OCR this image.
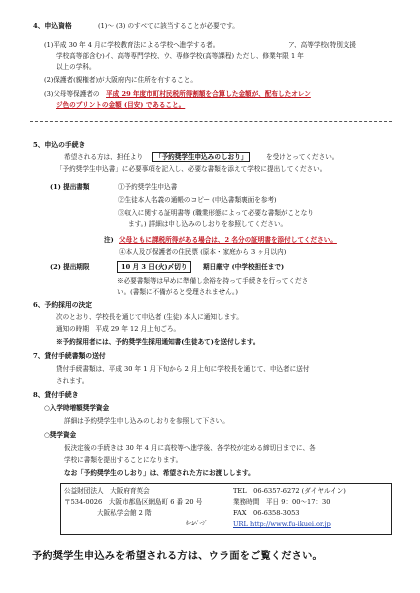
4、申込資格	(1)～ (3) のすべてに該当することが必要です。
(1)平成 30 年 4 月に学校教育法による学校へ進学する者。	ア、高等学校(特別支援
学校高等部含む)イ、高等専門学校、ウ、専修学校(高等課程) ただし、修業年限 1 年
以上の学科。
(2)保護者(親権者)が大阪府内に住所を有すること。
(3)父母等保護者の 平成 29 年度市町村民税所得割額を合算した金額が、配布したオレン
ジ色のプリントの金額 (目安) であること。
5、申込の手続き
希望される方は、担任より	「予約奨学生申込みのしおり」	を受けとってください。
「予約奨学生申込書」に必要事項を記入し、必要な書類を添えて学校に提出してください。
(1) 提出書類	①予約奨学生申込書
②生徒本人名義の通帳のコピー (申込書類裏面を参考)
③収入に関する証明書等 (職業形態によって必要な書類がことなり
ます。) 詳細は申し込みのしおりを参照してください。
注) 父母ともに課税所得がある場合は、2 名分の証明書を添付してください。
④本人及び保護者の住民票 (原本・家庭から 3 ヶ月以内)
(2) 提出期限	10 月 3 日(火)〆切り	期日厳守 (中学校担任まで)
※必要書類等は早めに準備し余裕を持って手続きを行ってくださ
い。(書類に不備がると受理されません。)
6、予約採用の決定
次のとおり、学校長を通じて申込者 (生徒) 本人に通知します。
通知の時期　平成 29 年 12 月上旬ごろ。
※予約採用者には、予約奨学生採用通知書(生徒あて)を送付します。
7、貸付手続書類の送付
貸付手続書類は、平成 30 年 1 月下旬から 2 月上旬に学校長を通じて、申込者に送付
されます。
8、貸付手続き
○入学時増額奨学資金
詳細は予約奨学生申し込みのしおりを参照して下さい。
○奨学資金
仮決定後の手続きは 30 年 4 月に高校等へ進学後、各学校が定める締切日までに、各
学校に書類を提出することになります。
なお「予約奨学生のしおり」は、希望された方にお渡しします。
公益財団法人　大阪府育英会
〒534-0026　大阪市都島区網島町 6 番 20 号
大阪私学会館 2 階
TEL　06-6357-6272 (ダイヤルイン)
業務時間　平日 9：00～17：30
FAX　06-6358-3053
ﾎｰﾑﾍﾟｰｼﾞ	URL http://www.fu-ikuei.or.jp
予約奨学生申込みを希望される方は、ウラ面をご覧ください。
